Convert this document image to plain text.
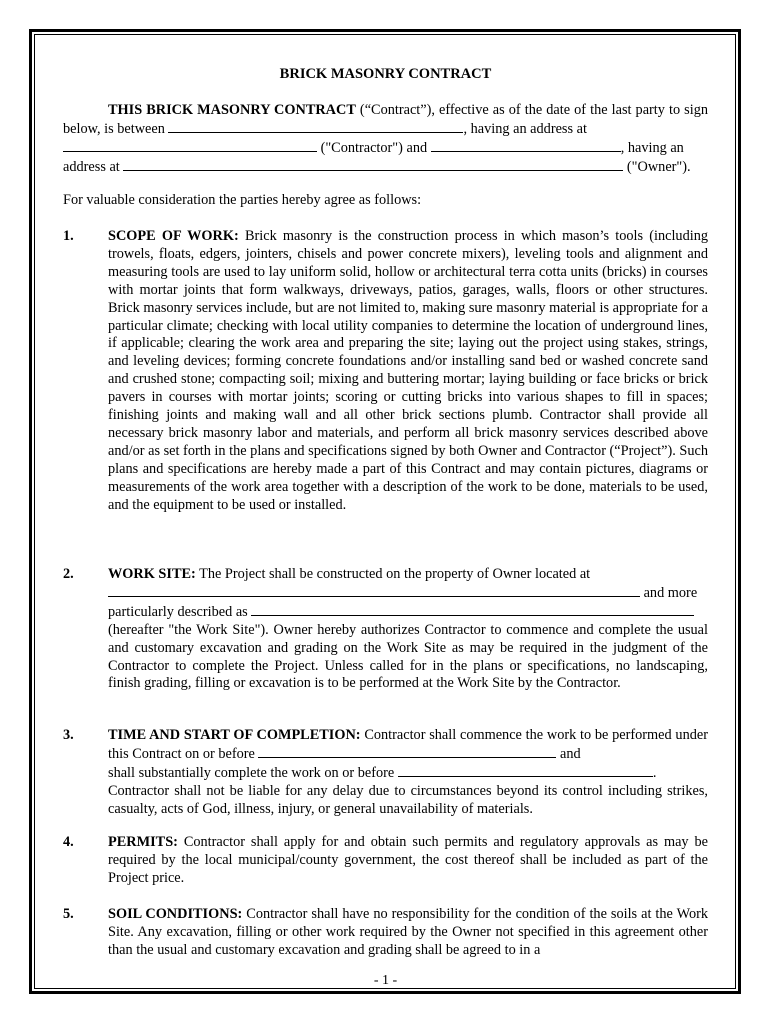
BRICK MASONRY CONTRACT
THIS BRICK MASONRY CONTRACT (“Contract”), effective as of the date of the last party to sign below, is between	, having an address at
("Contractor") and	, having an
address at	("Owner").
For valuable consideration the parties hereby agree as follows:
1. SCOPE OF WORK: Brick masonry is the construction process in which mason’s tools (including trowels, floats, edgers, jointers, chisels and power concrete mixers), leveling tools and alignment and measuring tools are used to lay uniform solid, hollow or architectural terra cotta units (bricks) in courses with mortar joints that form walkways, driveways, patios, garages, walls, floors or other structures. Brick masonry services include, but are not limited to, making sure masonry material is appropriate for a particular climate; checking with local utility companies to determine the location of underground lines, if applicable; clearing the work area and preparing the site; laying out the project using stakes, strings, and leveling devices; forming concrete foundations and/or installing sand bed or washed concrete sand and crushed stone; compacting soil; mixing and buttering mortar; laying building or face bricks or brick pavers in courses with mortar joints; scoring or cutting bricks into various shapes to fill in spaces; finishing joints and making wall and all other brick sections plumb. Contractor shall provide all necessary brick masonry labor and materials, and perform all brick masonry services described above and/or as set forth in the plans and specifications signed by both Owner and Contractor (“Project”). Such plans and specifications are hereby made a part of this Contract and may contain pictures, diagrams or measurements of the work area together with a description of the work to be done, materials to be used, and the equipment to be used or installed.
2. WORK SITE: The Project shall be constructed on the property of Owner located at
and more
particularly described as
(hereafter "the Work Site"). Owner hereby authorizes Contractor to commence and complete the usual and customary excavation and grading on the Work Site as may be required in the judgment of the Contractor to complete the Project. Unless called for in the plans or specifications, no landscaping, finish grading, filling or excavation is to be performed at the Work Site by the Contractor.
3. TIME AND START OF COMPLETION: Contractor shall commence the work to be performed under this Contract on or before	and
shall substantially complete the work on or before	.
Contractor shall not be liable for any delay due to circumstances beyond its control including strikes, casualty, acts of God, illness, injury, or general unavailability of materials.
4. PERMITS: Contractor shall apply for and obtain such permits and regulatory approvals as may be required by the local municipal/county government, the cost thereof shall be included as part of the Project price.
5. SOIL CONDITIONS: Contractor shall have no responsibility for the condition of the soils at the Work Site. Any excavation, filling or other work required by the Owner not specified in this agreement other than the usual and customary excavation and grading shall be agreed to in a
- 1 -
